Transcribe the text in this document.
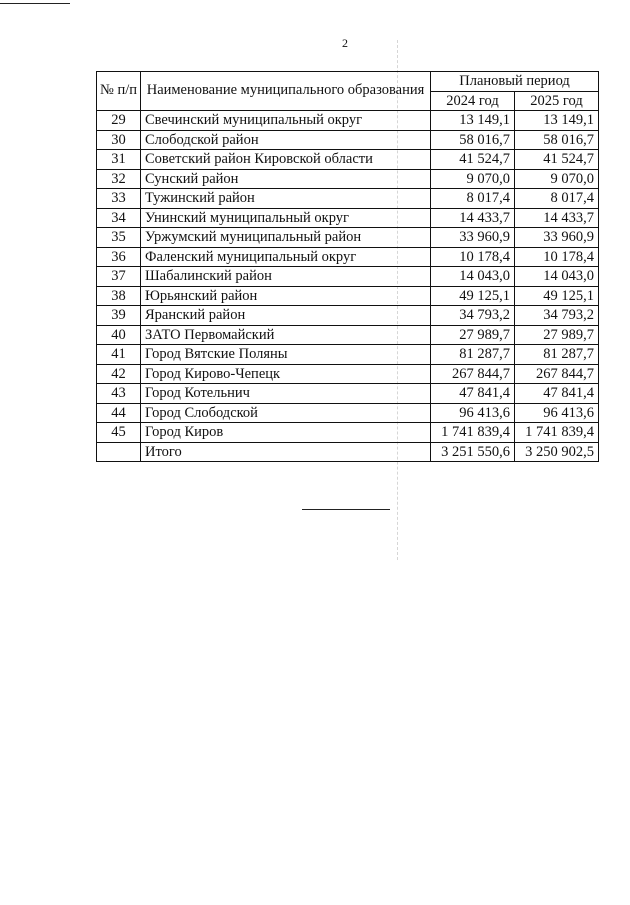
2
№ п/п	Наименование муниципального образования	Плановый период	
		2024 год	2025 год
29	Свечинский муниципальный округ	13 149,1	13 149,1
30	Слободской район	58 016,7	58 016,7
31	Советский район Кировской области	41 524,7	41 524,7
32	Сунский район	9 070,0	9 070,0
33	Тужинский район	8 017,4	8 017,4
34	Унинский муниципальный округ	14 433,7	14 433,7
35	Уржумский муниципальный район	33 960,9	33 960,9
36	Фаленский муниципальный округ	10 178,4	10 178,4
37	Шабалинский район	14 043,0	14 043,0
38	Юрьянский район	49 125,1	49 125,1
39	Яранский район	34 793,2	34 793,2
40	ЗАТО Первомайский	27 989,7	27 989,7
41	Город Вятские Поляны	81 287,7	81 287,7
42	Город Кирово-Чепецк	267 844,7	267 844,7
43	Город Котельнич	47 841,4	47 841,4
44	Город Слободской	96 413,6	96 413,6
45	Город Киров	1 741 839,4	1 741 839,4
	Итого	3 251 550,6	3 250 902,5
